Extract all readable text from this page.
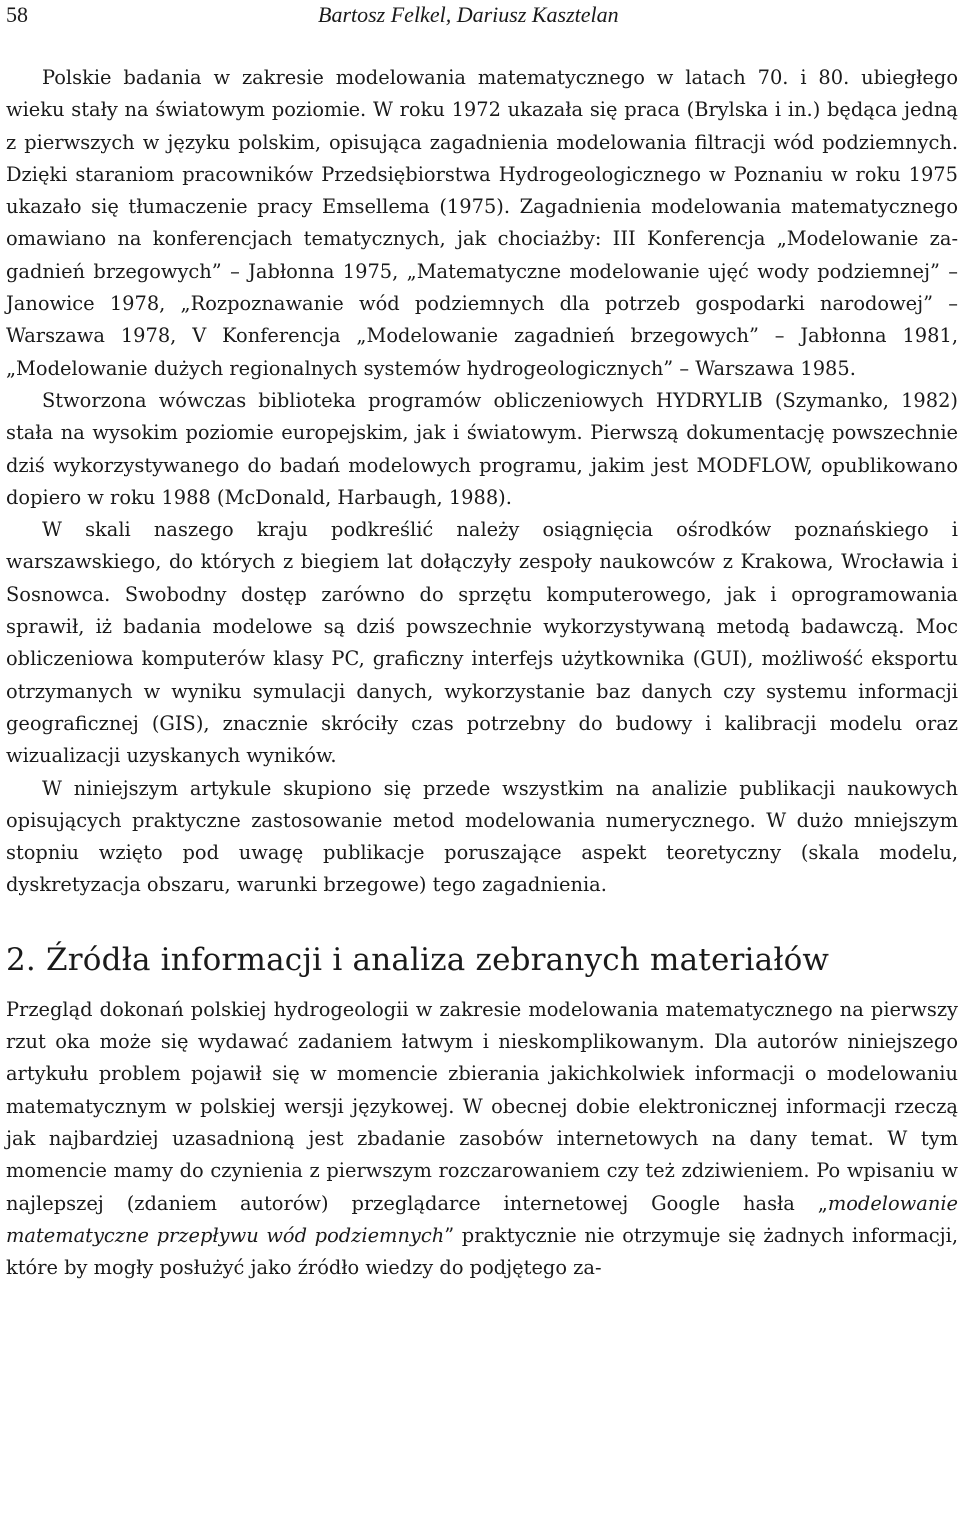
58	Bartosz Felkel, Dariusz Kasztelan

Polskie badania w zakresie modelowania matematycznego w latach 70. i 80. ubiegłego wieku stały na światowym poziomie. W roku 1972 ukazała się praca (Brylska i in.) będąca jedną z pierwszych w języku polskim, opisująca zagadnienia modelowania filtracji wód podziemnych. Dzięki staraniom pracowników Przedsiębiorstwa Hydrogeologicznego w Poznaniu w roku 1975 ukazało się tłumaczenie pracy Emsellema (1975). Zagadnienia modelowania matematycznego omawiano na konferencjach tematycznych, jak chociażby: III Konferencja „Modelowanie zagadnień brzegowych” – Jabłonna 1975, „Matematyczne modelowanie ujęć wody podziemnej” – Janowice 1978, „Rozpoznawanie wód podziemnych dla potrzeb gospodarki narodowej” – Warszawa 1978, V Konferencja „Modelowanie zagadnień brzegowych” – Jabłonna 1981, „Modelowanie dużych regionalnych systemów hydrogeologicznych” – Warszawa 1985.

Stworzona wówczas biblioteka programów obliczeniowych HYDRYLIB (Szymanko, 1982) stała na wysokim poziomie europejskim, jak i światowym. Pierwszą dokumentację powszechnie dziś wykorzystywanego do badań modelowych programu, jakim jest MODFLOW, opublikowano dopiero w roku 1988 (McDonald, Harbaugh, 1988).

W skali naszego kraju podkreślić należy osiągnięcia ośrodków poznańskiego i warszawskiego, do których z biegiem lat dołączyły zespoły naukowców z Krakowa, Wrocławia i Sosnowca. Swobodny dostęp zarówno do sprzętu komputerowego, jak i oprogramowania sprawił, iż badania modelowe są dziś powszechnie wykorzystywaną metodą badawczą. Moc obliczeniowa komputerów klasy PC, graficzny interfejs użytkownika (GUI), możliwość eksportu otrzymanych w wyniku symulacji danych, wykorzystanie baz danych czy systemu informacji geograficznej (GIS), znacznie skróciły czas potrzebny do budowy i kalibracji modelu oraz wizualizacji uzyskanych wyników.

W niniejszym artykule skupiono się przede wszystkim na analizie publikacji naukowych opisujących praktyczne zastosowanie metod modelowania numerycznego. W dużo mniejszym stopniu wzięto pod uwagę publikacje poruszające aspekt teoretyczny (skala modelu, dyskretyzacja obszaru, warunki brzegowe) tego zagadnienia.

2. Źródła informacji i analiza zebranych materiałów

Przegląd dokonań polskiej hydrogeologii w zakresie modelowania matematycznego na pierwszy rzut oka może się wydawać zadaniem łatwym i nieskomplikowanym. Dla autorów niniejszego artykułu problem pojawił się w momencie zbierania jakichkolwiek informacji o modelowaniu matematycznym w polskiej wersji językowej. W obecnej dobie elektronicznej informacji rzeczą jak najbardziej uzasadnioną jest zbadanie zasobów internetowych na dany temat. W tym momencie mamy do czynienia z pierwszym rozczarowaniem czy też zdziwieniem. Po wpisaniu w najlepszej (zdaniem autorów) przeglądarce internetowej Google hasła „modelowanie matematyczne przepływu wód podziemnych” praktycznie nie otrzymuje się żadnych informacji, które by mogły posłużyć jako źródło wiedzy do podjętego za-
